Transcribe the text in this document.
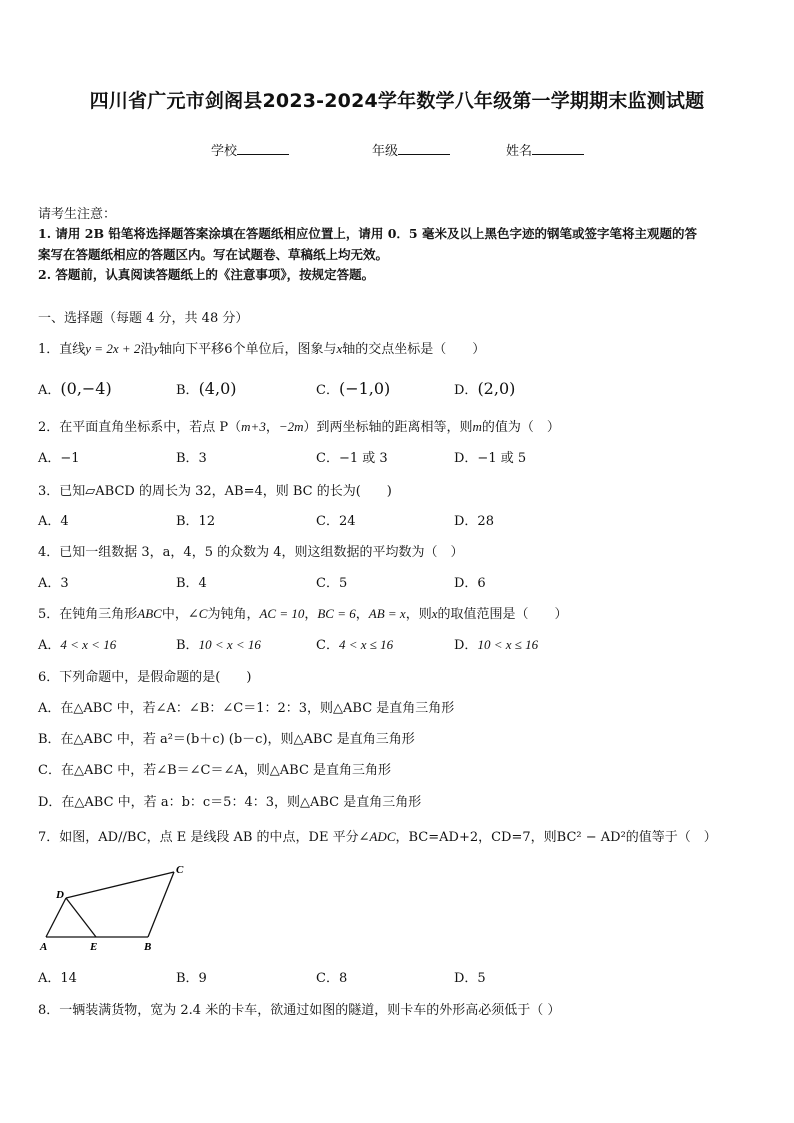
四川省广元市剑阁县2023-2024学年数学八年级第一学期期末监测试题
学校	年级	姓名
请考生注意：
1. 请用 2B 铅笔将选择题答案涂填在答题纸相应位置上，请用 0．5 毫米及以上黑色字迹的钢笔或签字笔将主观题的答
案写在答题纸相应的答题区内。写在试题卷、草稿纸上均无效。
2. 答题前，认真阅读答题纸上的《注意事项》，按规定答题。
一、选择题（每题 4 分，共 48 分）
1．直线y = 2x + 2沿y轴向下平移6个单位后，图象与x轴的交点坐标是（　　）
A．(0,−4)	B．(4,0)	C．(−1,0)	D．(2,0)
2．在平面直角坐标系中，若点 P（m+3，−2m）到两坐标轴的距离相等，则m的值为（　）
A．−1	B．3	C．−1 或 3	D．−1 或 5
3．已知▱ABCD 的周长为 32，AB=4，则 BC 的长为(　　)
A．4	B．12	C．24	D．28
4．已知一组数据 3，a，4，5 的众数为 4，则这组数据的平均数为（　）
A．3	B．4	C．5	D．6
5．在钝角三角形ABC中，∠C为钝角，AC = 10，BC = 6，AB = x，则x的取值范围是（　　）
A．4 < x < 16	B．10 < x < 16	C．4 < x ≤ 16	D．10 < x ≤ 16
6．下列命题中，是假命题的是(　　)
A．在△ABC 中，若∠A：∠B：∠C＝1：2：3，则△ABC 是直角三角形
B．在△ABC 中，若 a²＝(b＋c) (b－c)，则△ABC 是直角三角形
C．在△ABC 中，若∠B＝∠C＝∠A，则△ABC 是直角三角形
D．在△ABC 中，若 a：b：c＝5：4：3，则△ABC 是直角三角形
7．如图，AD//BC，点 E 是线段 AB 的中点，DE 平分∠ADC，BC=AD+2，CD=7，则BC² − AD²的值等于（　）
D
C
A	E	B
A．14	B．9	C．8	D．5
8．一辆装满货物，宽为 2.4 米的卡车，欲通过如图的隧道，则卡车的外形高必须低于（ ）
